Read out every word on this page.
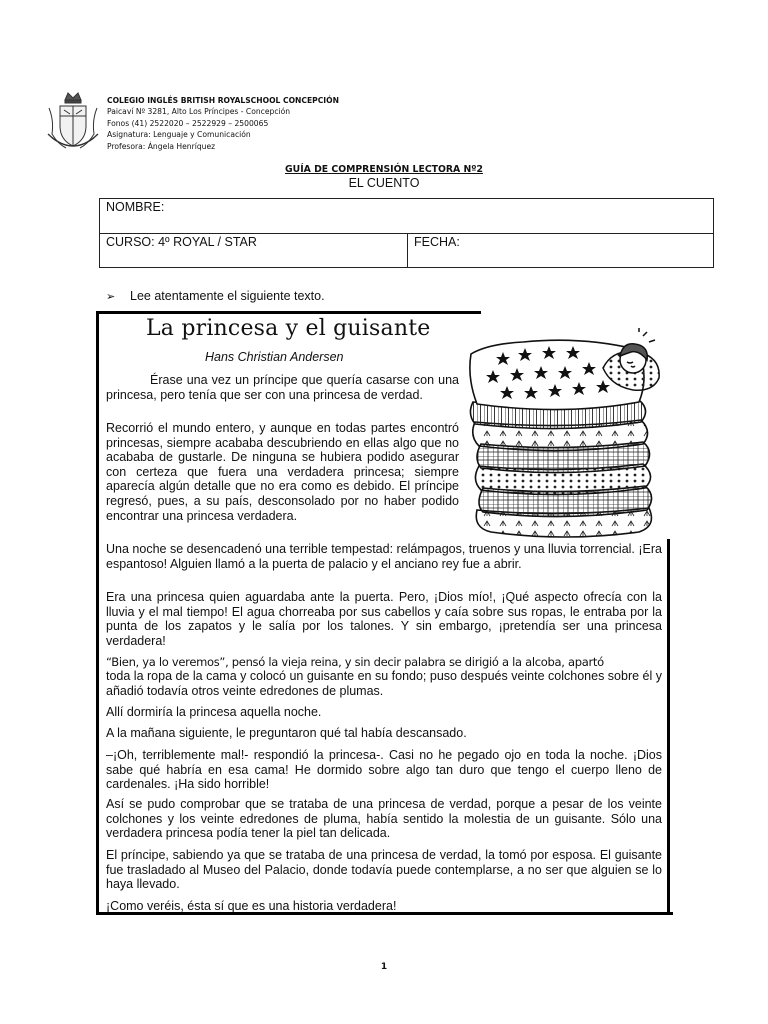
COLEGIO INGLÉS BRITISH ROYALSCHOOL CONCEPCIÓN
Paicaví Nº 3281, Alto Los Príncipes - Concepción
Fonos (41) 2522020 – 2522929 – 2500065
Asignatura: Lenguaje y Comunicación
Profesora: Ángela Henríquez
GUÍA DE COMPRENSIÓN LECTORA Nº2
EL CUENTO
NOMBRE:
CURSO: 4º ROYAL / STAR	FECHA:
➢ Lee atentamente el siguiente texto.
La princesa y el guisante
Hans Christian Andersen
Érase una vez un príncipe que quería casarse con una princesa, pero tenía que ser con una princesa de verdad.
Recorrió el mundo entero, y aunque en todas partes encontró princesas, siempre acababa descubriendo en ellas algo que no acababa de gustarle. De ninguna se hubiera podido asegurar con certeza que fuera una verdadera princesa; siempre aparecía algún detalle que no era como es debido. El príncipe regresó, pues, a su país, desconsolado por no haber podido encontrar una princesa verdadera.
Una noche se desencadenó una terrible tempestad: relámpagos, truenos y una lluvia torrencial. ¡Era espantoso! Alguien llamó a la puerta de palacio y el anciano rey fue a abrir.
Era una princesa quien aguardaba ante la puerta. Pero, ¡Dios mío!, ¡Qué aspecto ofrecía con la lluvia y el mal tiempo! El agua chorreaba por sus cabellos y caía sobre sus ropas, le entraba por la punta de los zapatos y le salía por los talones. Y sin embargo, ¡pretendía ser una princesa verdadera!
“Bien, ya lo veremos”, pensó la vieja reina, y sin decir palabra se dirigió a la alcoba, apartó
toda la ropa de la cama y colocó un guisante en su fondo; puso después veinte colchones sobre él y añadió todavía otros veinte edredones de plumas.
Allí dormiría la princesa aquella noche.
A la mañana siguiente, le preguntaron qué tal había descansado.
–¡Oh, terriblemente mal!- respondió la princesa-. Casi no he pegado ojo en toda la noche. ¡Dios sabe qué habría en esa cama! He dormido sobre algo tan duro que tengo el cuerpo lleno de cardenales. ¡Ha sido horrible!
Así se pudo comprobar que se trataba de una princesa de verdad, porque a pesar de los veinte colchones y los veinte edredones de pluma, había sentido la molestia de un guisante. Sólo una verdadera princesa podía tener la piel tan delicada.
El príncipe, sabiendo ya que se trataba de una princesa de verdad, la tomó por esposa. El guisante fue trasladado al Museo del Palacio, donde todavía puede contemplarse, a no ser que alguien se lo haya llevado.
¡Como veréis, ésta sí que es una historia verdadera!
1
